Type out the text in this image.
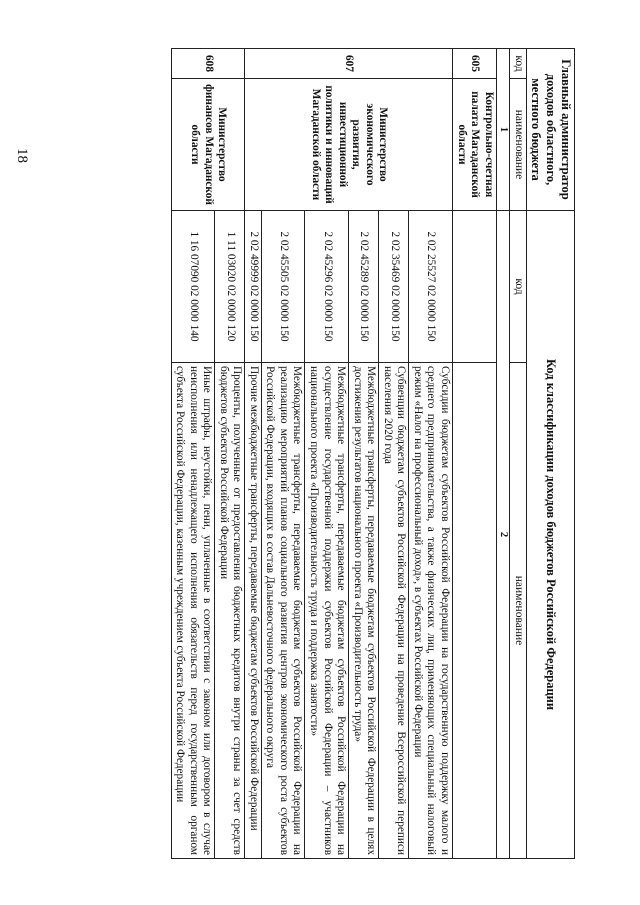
18	Главный администратор доходов областного, местного бюджета		Код классификации доходов бюджетов Российской Федерации	
код	наименование	код	наименование
1		2	
605	Контрольно-счетная палата Магаданской области		
607	Министерство экономического развития, инвестиционной политики и инноваций Магаданской области	2 02 25527 02 0000 150	Субсидии бюджетам субъектов Российской Федерации на государственную поддержку малого и среднего предпринимательства, а также физических лиц, применяющих специальный налоговый режим «Налог на профессиональный доход», в субъектах Российской Федерации
		2 02 35469 02 0000 150	Субвенции бюджетам субъектов Российской Федерации на проведение Всероссийской переписи населения 2020 года
		2 02 45289 02 0000 150	Межбюджетные трансферты, передаваемые бюджетам субъектов Российской Федерации в целях достижения результатов национального проекта «Производительность труда»
		2 02 45296 02 0000 150	Межбюджетные трансферты, передаваемые бюджетам субъектов Российской Федерации на осуществление государственной поддержки субъектов Российской Федерации – участников национального проекта «Производительность труда и поддержка занятости»
		2 02 45505 02 0000 150	Межбюджетные трансферты, передаваемые бюджетам субъектов Российской Федерации на реализацию мероприятий планов социального развития центров экономического роста субъектов Российской Федерации, входящих в состав Дальневосточного федерального округа
		2 02 49999 02 0000 150	Прочие межбюджетные трансферты, передаваемые бюджетам субъектов Российской Федерации
608	Министерство финансов Магаданской области	1 11 03020 02 0000 120	Проценты, полученные от предоставления бюджетных кредитов внутри страны за счет средств бюджетов субъектов Российской Федерации
		1 16 07090 02 0000 140	Иные штрафы, неустойки, пени, уплаченные в соответствии с законом или договором в случае неисполнения или ненадлежащего исполнения обязательств перед государственным органом субъекта Российской Федерации, казенным учреждением субъекта Российской Федерации
